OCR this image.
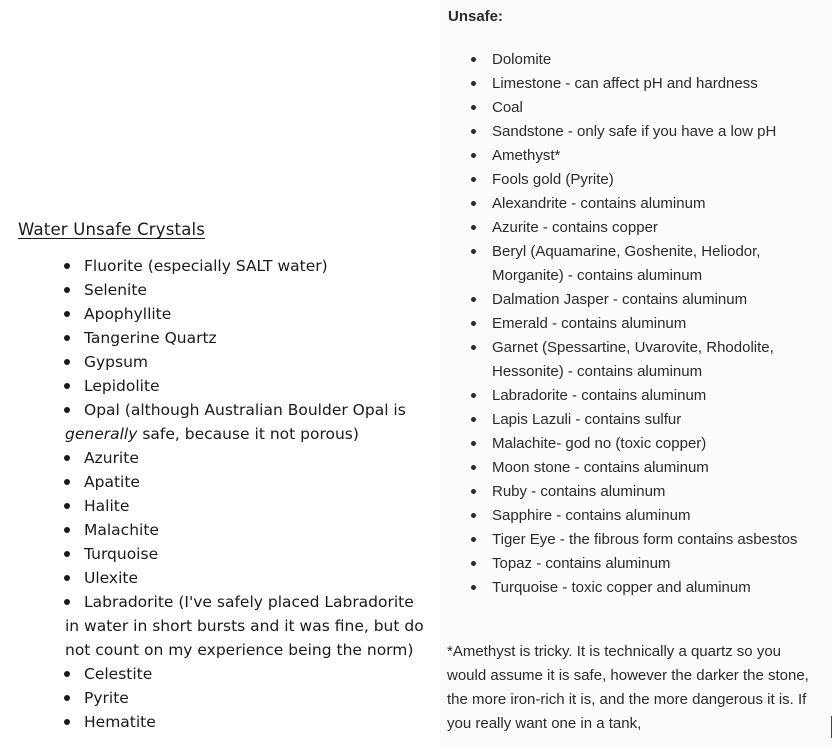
Water Unsafe Crystals
Fluorite (especially SALT water)
Selenite
Apophyllite
Tangerine Quartz
Gypsum
Lepidolite
Opal (although Australian Boulder Opal is generally safe, because it not porous)
Azurite
Apatite
Halite
Malachite
Turquoise
Ulexite
Labradorite (I've safely placed Labradorite in water in short bursts and it was fine, but do not count on my experience being the norm)
Celestite
Pyrite
Hematite
Unsafe:
Dolomite
Limestone - can affect pH and hardness
Coal
Sandstone - only safe if you have a low pH
Amethyst*
Fools gold (Pyrite)
Alexandrite - contains aluminum
Azurite - contains copper
Beryl (Aquamarine, Goshenite, Heliodor, Morganite) - contains aluminum
Dalmation Jasper - contains aluminum
Emerald - contains aluminum
Garnet (Spessartine, Uvarovite, Rhodolite, Hessonite) - contains aluminum
Labradorite - contains aluminum
Lapis Lazuli - contains sulfur
Malachite- god no (toxic copper)
Moon stone - contains aluminum
Ruby - contains aluminum
Sapphire - contains aluminum
Tiger Eye - the fibrous form contains asbestos
Topaz - contains aluminum
Turquoise - toxic copper and aluminum

*Amethyst is tricky. It is technically a quartz so you would assume it is safe, however the darker the stone, the more iron-rich it is, and the more dangerous it is. If you really want one in a tank,
